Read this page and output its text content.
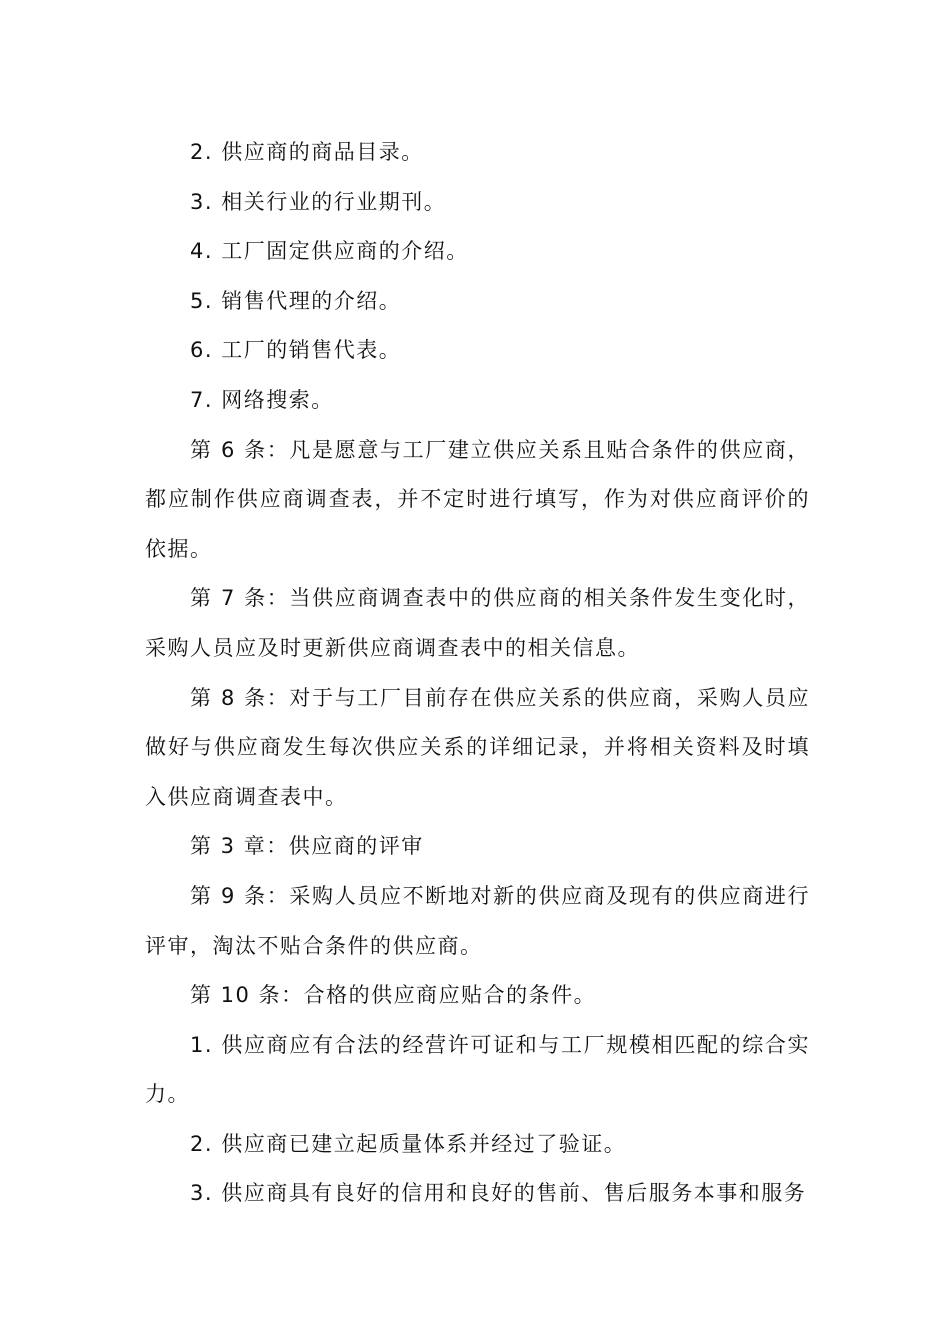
2. 供应商的商品目录。

3. 相关行业的行业期刊。

4. 工厂固定供应商的介绍。

5. 销售代理的介绍。

6. 工厂的销售代表。

7. 网络搜索。

第 6 条：凡是愿意与工厂建立供应关系且贴合条件的供应商，都应制作供应商调查表，并不定时进行填写，作为对供应商评价的依据。

第 7 条：当供应商调查表中的供应商的相关条件发生变化时，采购人员应及时更新供应商调查表中的相关信息。

第 8 条：对于与工厂目前存在供应关系的供应商，采购人员应做好与供应商发生每次供应关系的详细记录，并将相关资料及时填入供应商调查表中。

第 3 章：供应商的评审

第 9 条：采购人员应不断地对新的供应商及现有的供应商进行评审，淘汰不贴合条件的供应商。

第 10 条：合格的供应商应贴合的条件。

1. 供应商应有合法的经营许可证和与工厂规模相匹配的综合实力。

2. 供应商已建立起质量体系并经过了验证。

3. 供应商具有良好的信用和良好的售前、售后服务本事和服务
